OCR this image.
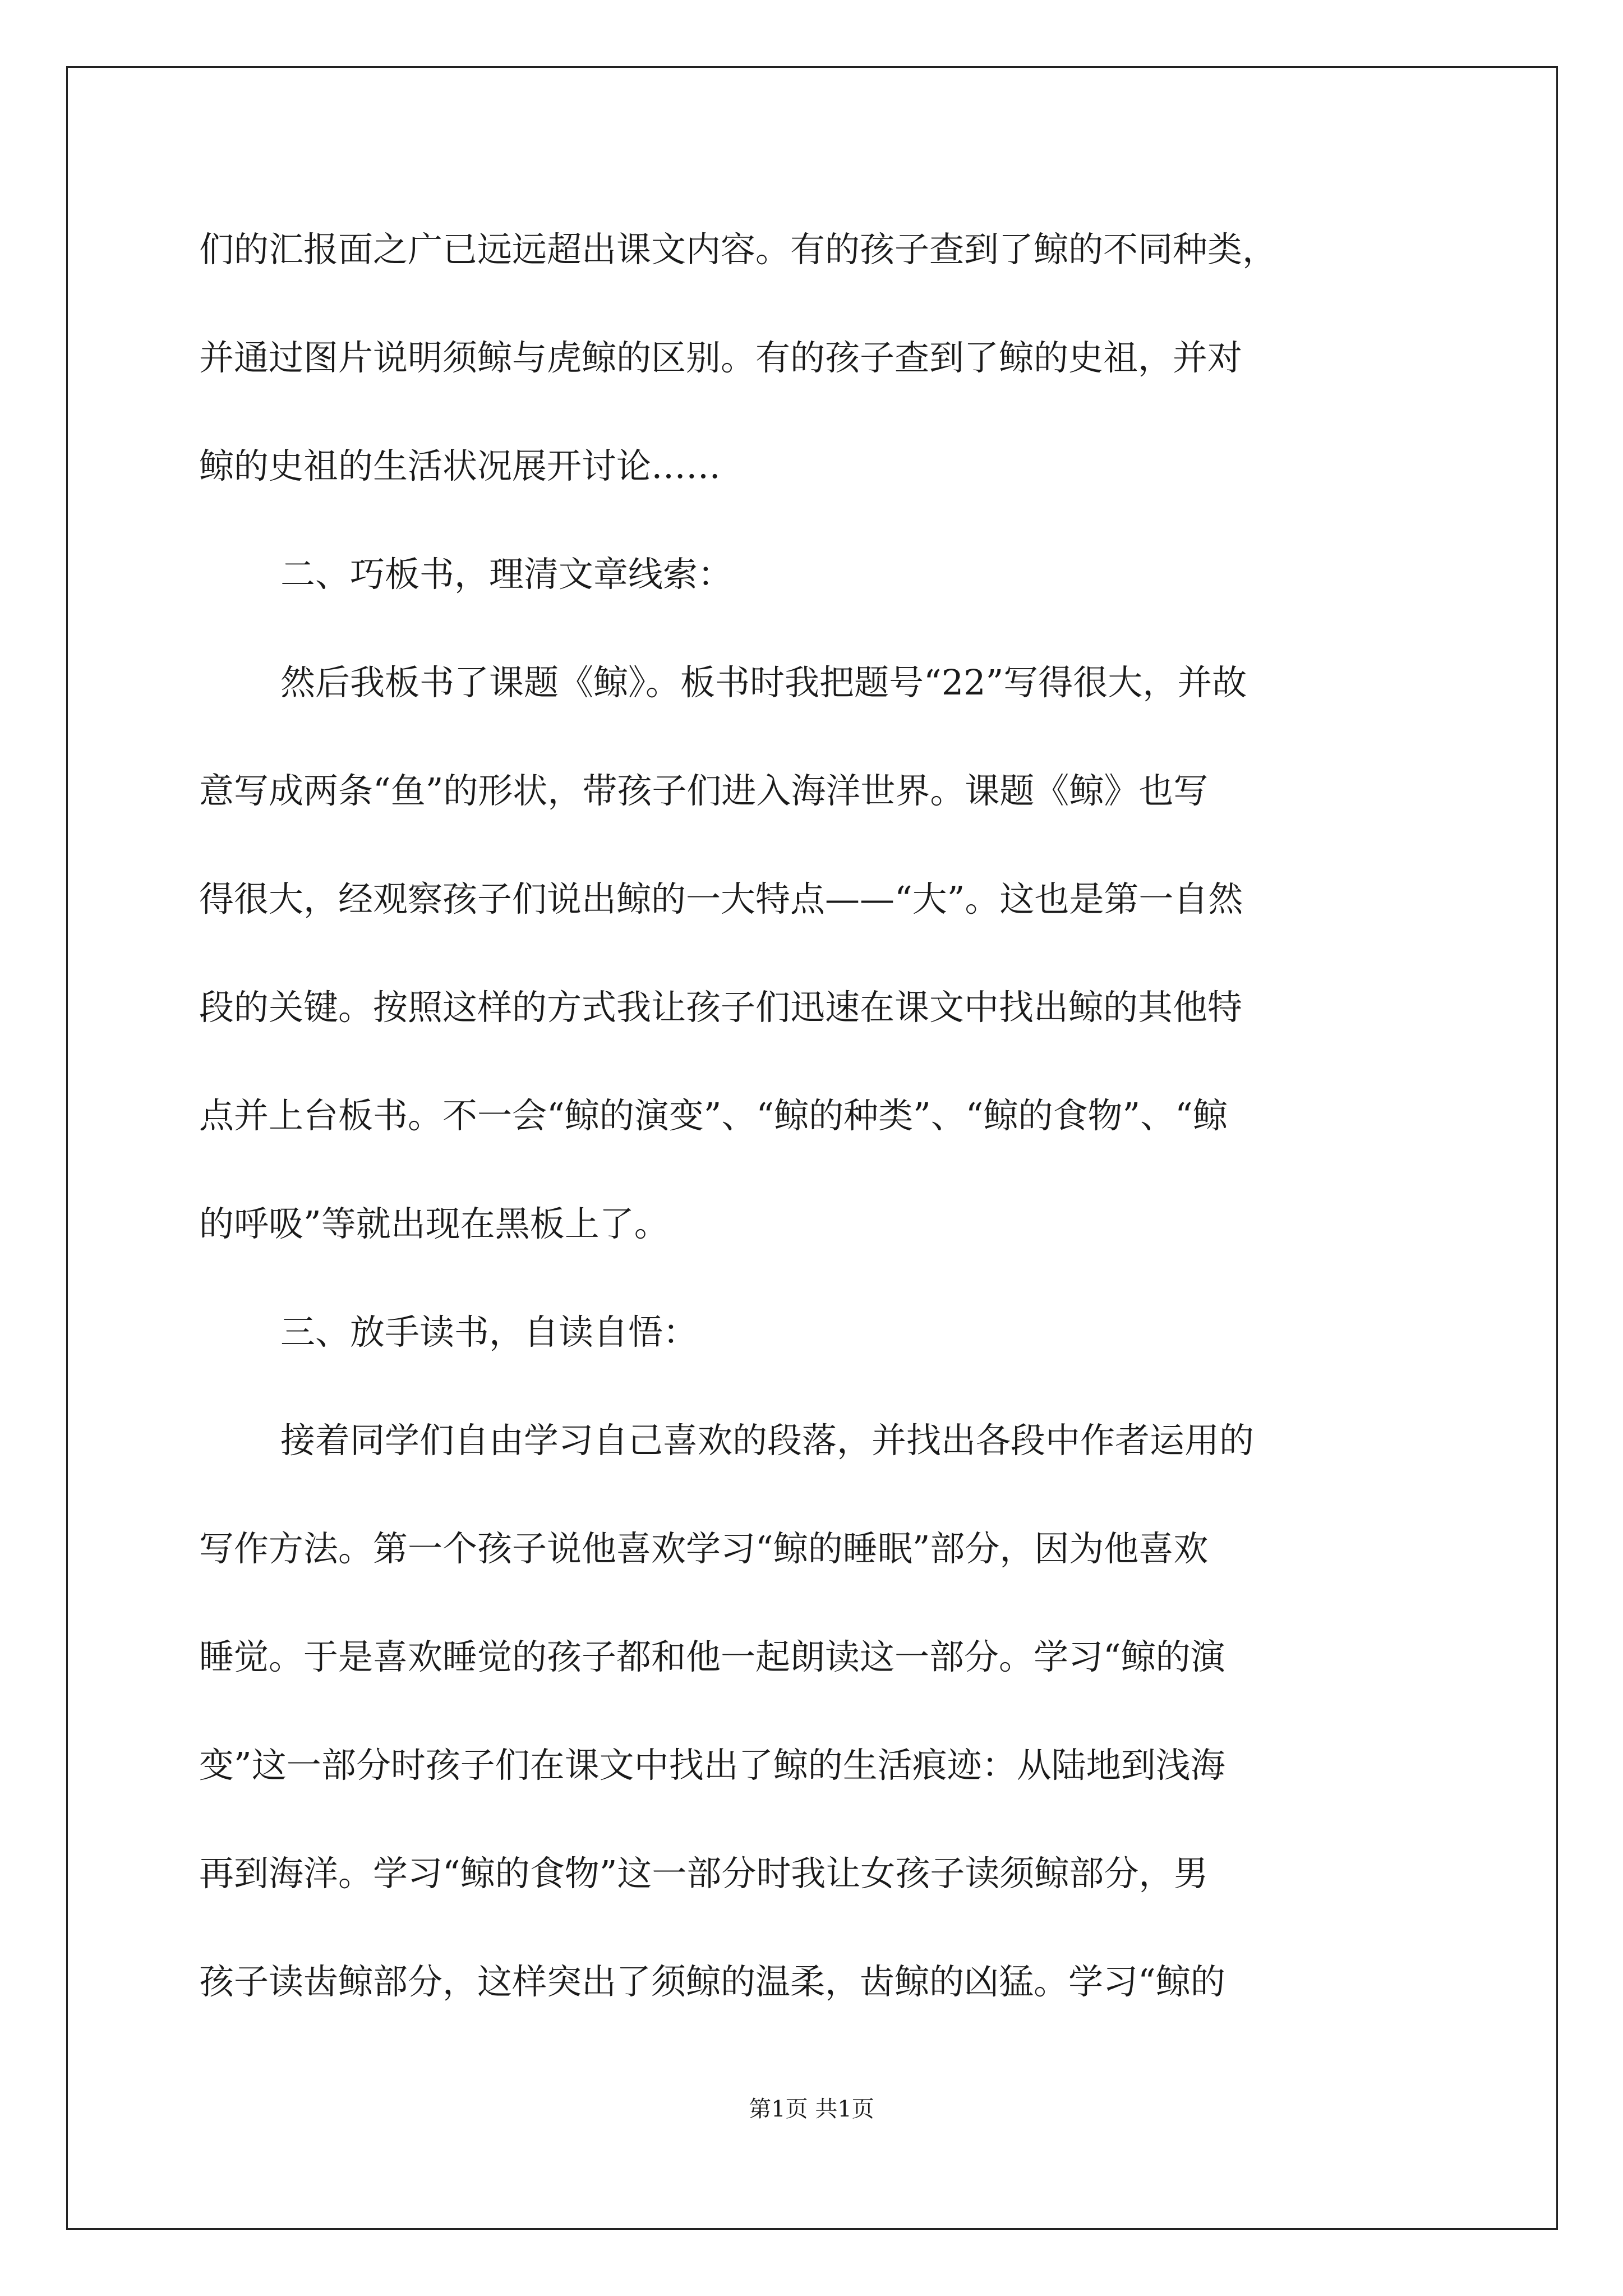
们的汇报面之广已远远超出课文内容。有的孩子查到了鲸的不同种类，
并通过图片说明须鲸与虎鲸的区别。有的孩子查到了鲸的史祖，并对
鲸的史祖的生活状况展开讨论……
二、巧板书，理清文章线索：
然后我板书了课题《鲸》。板书时我把题号“22”写得很大，并故
意写成两条“鱼”的形状，带孩子们进入海洋世界。课题《鲸》也写
得很大，经观察孩子们说出鲸的一大特点——“大”。这也是第一自然
段的关键。按照这样的方式我让孩子们迅速在课文中找出鲸的其他特
点并上台板书。不一会“鲸的演变”、“鲸的种类”、“鲸的食物”、“鲸
的呼吸”等就出现在黑板上了。
三、放手读书，自读自悟：
接着同学们自由学习自己喜欢的段落，并找出各段中作者运用的
写作方法。第一个孩子说他喜欢学习“鲸的睡眠”部分，因为他喜欢
睡觉。于是喜欢睡觉的孩子都和他一起朗读这一部分。学习“鲸的演
变”这一部分时孩子们在课文中找出了鲸的生活痕迹：从陆地到浅海
再到海洋。学习“鲸的食物”这一部分时我让女孩子读须鲸部分，男
孩子读齿鲸部分，这样突出了须鲸的温柔，齿鲸的凶猛。学习“鲸的
第1页 共1页
